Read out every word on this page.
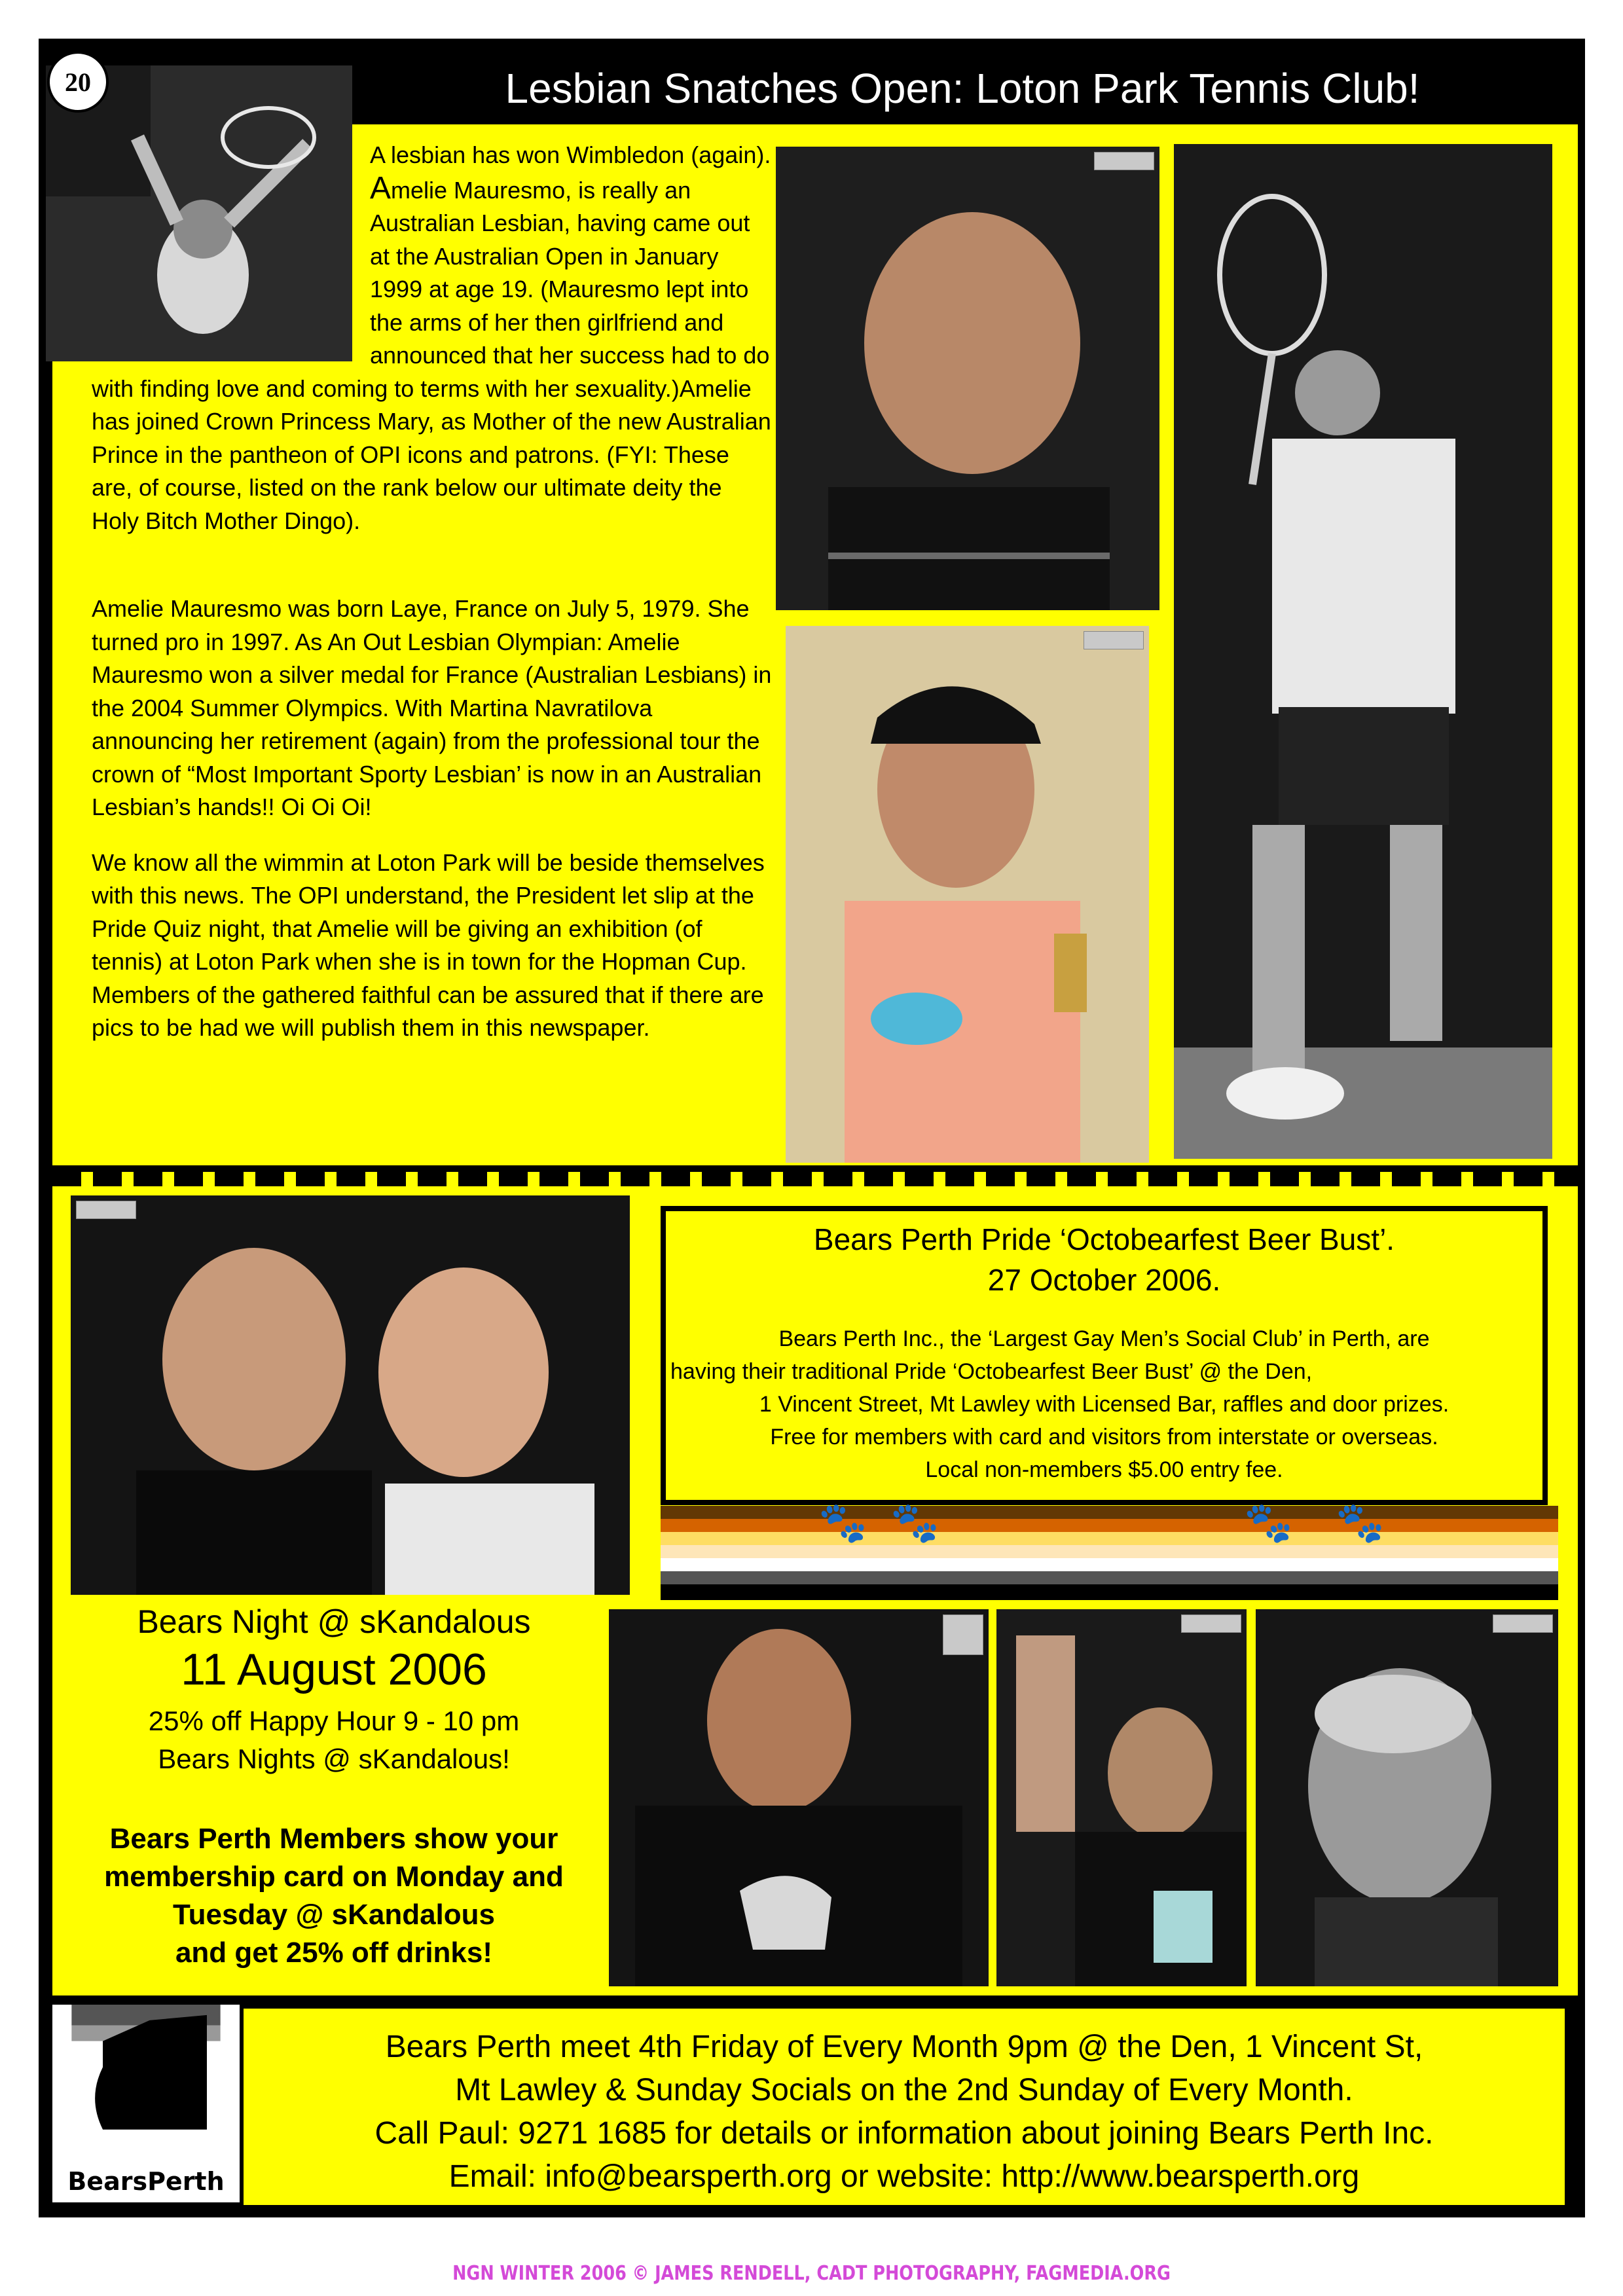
Lesbian Snatches Open: Loton Park Tennis Club!
20

A lesbian has won Wimbledon (again). Amelie Mauresmo, is really an Australian Lesbian, having came out at the Australian Open in January 1999 at age 19. (Mauresmo lept into the arms of her then girlfriend and announced that her success had to do with finding love and coming to terms with her sexuality.)Amelie has joined Crown Princess Mary, as Mother of the new Australian Prince in the pantheon of OPI icons and patrons. (FYI: These are, of course, listed on the rank below our ultimate deity the Holy Bitch Mother Dingo).

Amelie Mauresmo was born Laye, France on July 5, 1979. She turned pro in 1997. As An Out Lesbian Olympian: Amelie Mauresmo won a silver medal for France (Australian Lesbians) in the 2004 Summer Olympics. With Martina Navratilova announcing her retirement (again) from the professional tour the crown of “Most Important Sporty Lesbian’ is now in an Australian Lesbian’s hands!! Oi Oi Oi!

We know all the wimmin at Loton Park will be beside themselves with this news. The OPI understand, the President let slip at the Pride Quiz night, that Amelie will be giving an exhibition (of tennis) at Loton Park when she is in town for the Hopman Cup. Members of the gathered faithful can be assured that if there are pics to be had we will publish them in this newspaper.

Bears Perth Pride ‘Octobearfest Beer Bust’.
27 October 2006.
Bears Perth Inc., the ‘Largest Gay Men’s Social Club’ in Perth, are
having their traditional Pride ‘Octobearfest Beer Bust’ @ the Den,
1 Vincent Street, Mt Lawley with Licensed Bar, raffles and door prizes.
Free for members with card and visitors from interstate or overseas.
Local non-members $5.00 entry fee.
🐾 🐾	🐾 🐾
Bears Night @ sKandalous
11 August 2006
25% off Happy Hour 9 - 10 pm
Bears Nights @ sKandalous!
Bears Perth Members show your
membership card on Monday and
Tuesday @ sKandalous
and get 25% off drinks!
BearsPerth
Bears Perth meet 4th Friday of Every Month 9pm @ the Den, 1 Vincent St,
Mt Lawley & Sunday Socials on the 2nd Sunday of Every Month.
Call Paul: 9271 1685 for details or information about joining Bears Perth Inc.
Email: info@bearsperth.org or website: http://www.bearsperth.org
NGN WINTER 2006 © JAMES RENDELL, CADT PHOTOGRAPHY, FAGMEDIA.ORG
